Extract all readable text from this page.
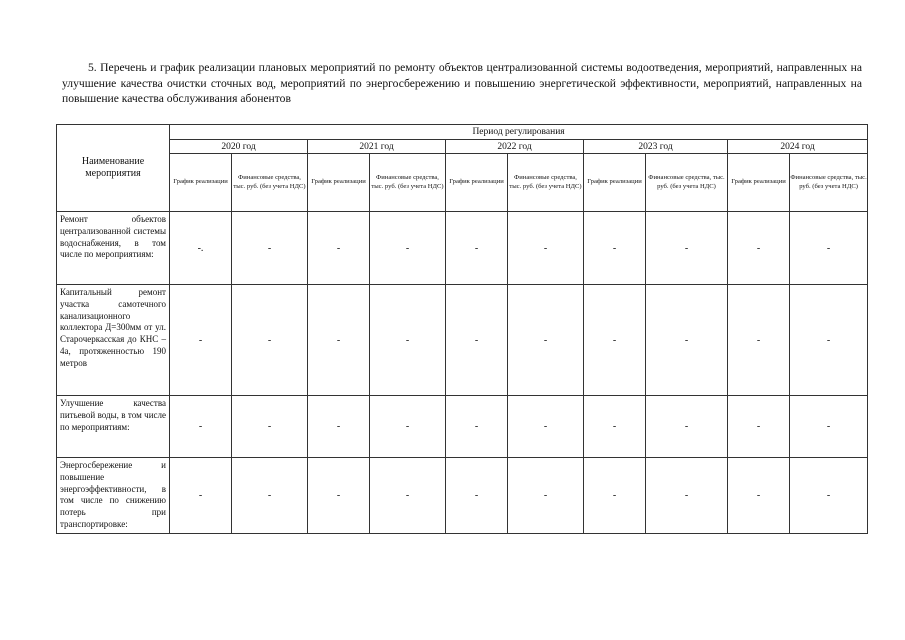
5. Перечень и график реализации плановых мероприятий по ремонту объектов централизованной системы водоотведения, мероприятий, направленных на улучшение качества очистки сточных вод, мероприятий по энергосбережению и повышению энергетической эффективности, мероприятий, направленных на повышение качества обслуживания абонентов
Наименование мероприятия	Период регулирования									
	2020 год		2021 год		2022 год		2023 год		2024 год	
	График реализации	Финансовые средства, тыс. руб. (без учета НДС)	График реализации	Финансовые средства, тыс. руб. (без учета НДС)	График реализации	Финансовые средства, тыс. руб. (без учета НДС)	График реализации	Финансовые средства, тыс. руб. (без учета НДС)	График реализации	Финансовые средства, тыс. руб. (без учета НДС)
Ремонт объектов централизованной системы водоснабжения, в том числе по мероприятиям:	-.	-	-	-	-	-	-	-	-	-
Капитальный ремонт участка самотечного канализационного коллектора Д=300мм от ул. Старочеркасская до КНС – 4а, протяженностью 190 метров	-	-	-	-	-	-	-	-	-	-
Улучшение качества питьевой воды, в том числе по мероприятиям:	-	-	-	-	-	-	-	-	-	-
Энергосбережение и повышение энергоэффективности, в том числе по снижению потерь при транспортировке:	-	-	-	-	-	-	-	-	-	-
